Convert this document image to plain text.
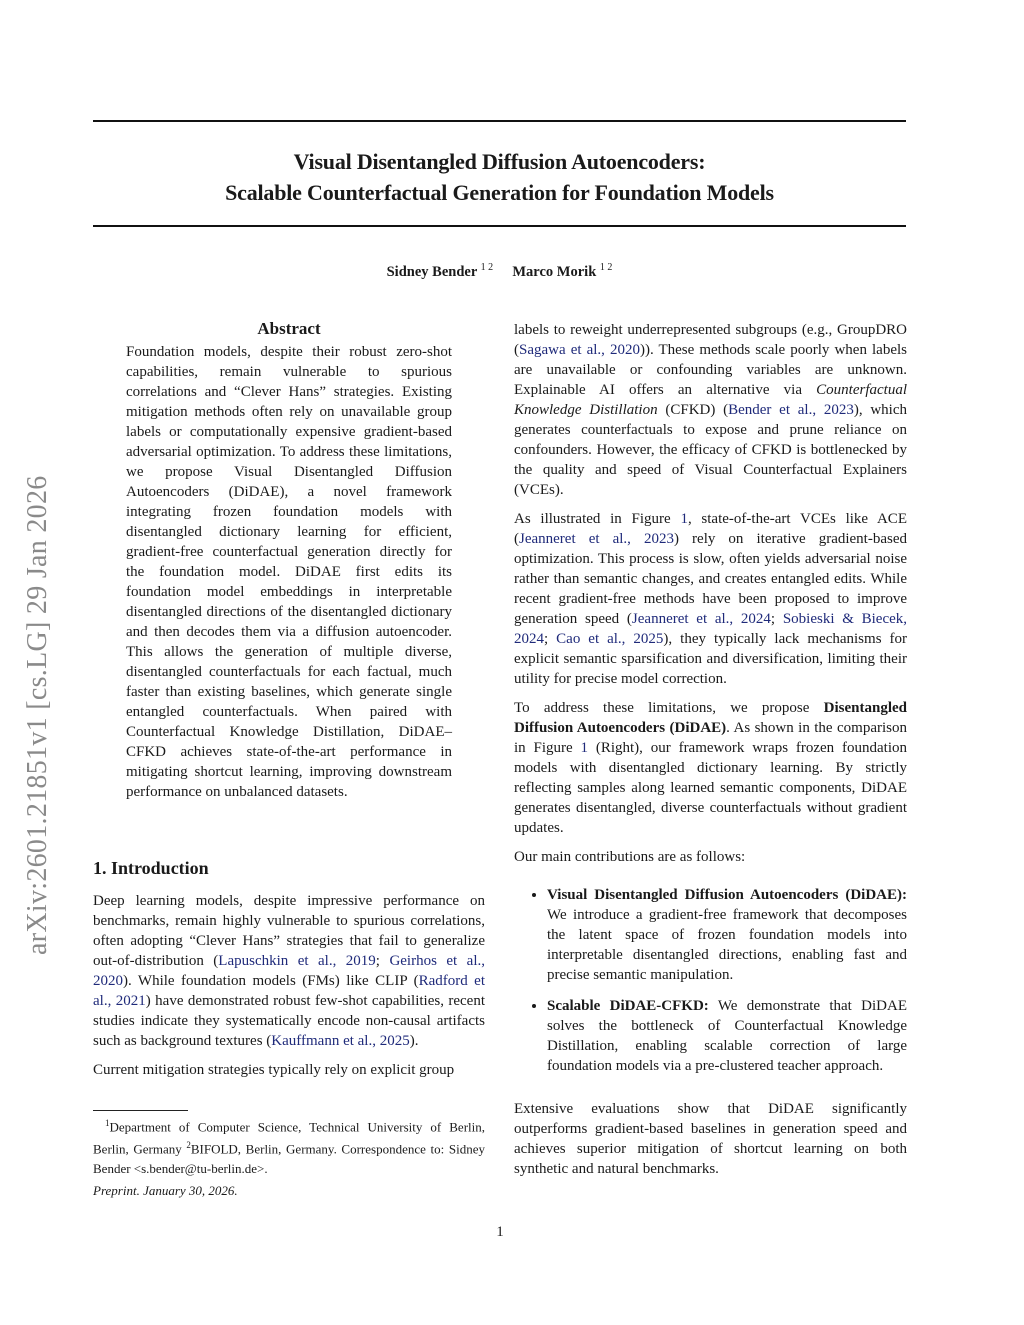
Visual Disentangled Diffusion Autoencoders:
Scalable Counterfactual Generation for Foundation Models
Sidney Bender $^{1 2}$ Marco Morik $^{1 2}$
arXiv:2601.21851v1 [cs.LG] 29 Jan 2026
Abstract

Foundation models, despite their robust zero-shot capabilities, remain vulnerable to spurious correlations and “Clever Hans” strategies. Existing mitigation methods often rely on unavailable group labels or computationally expensive gradient-based adversarial optimization. To address these limitations, we propose Visual Disentangled Diffusion Autoencoders (DiDAE), a novel framework integrating frozen foundation models with disentangled dictionary learning for efficient, gradient-free counterfactual generation directly for the foundation model. DiDAE first edits its foundation model embeddings in interpretable disentangled directions of the disentangled dictionary and then decodes them via a diffusion autoencoder. This allows the generation of multiple diverse, disentangled counterfactuals for each factual, much faster than existing baselines, which generate single entangled counterfactuals. When paired with Counterfactual Knowledge Distillation, DiDAE–CFKD achieves state-of-the-art performance in mitigating shortcut learning, improving downstream performance on unbalanced datasets.

1. Introduction

Deep learning models, despite impressive performance on benchmarks, remain highly vulnerable to spurious correlations, often adopting “Clever Hans” strategies that fail to generalize out-of-distribution (Lapuschkin et al., 2019; Geirhos et al., 2020). While foundation models (FMs) like CLIP (Radford et al., 2021) have demonstrated robust few-shot capabilities, recent studies indicate they systematically encode non-causal artifacts such as background textures (Kauffmann et al., 2025).

Current mitigation strategies typically rely on explicit group

$^1$Department of Computer Science, Technical University of Berlin, Berlin, Germany $^2$BIFOLD, Berlin, Germany. Correspondence to: Sidney Bender <s.bender@tu-berlin.de>.
Preprint. January 30, 2026.

labels to reweight underrepresented subgroups (e.g., GroupDRO (Sagawa et al., 2020)). These methods scale poorly when labels are unavailable or confounding variables are unknown. Explainable AI offers an alternative via Counterfactual Knowledge Distillation (CFKD) (Bender et al., 2023), which generates counterfactuals to expose and prune reliance on confounders. However, the efficacy of CFKD is bottlenecked by the quality and speed of Visual Counterfactual Explainers (VCEs).

As illustrated in Figure 1, state-of-the-art VCEs like ACE (Jeanneret et al., 2023) rely on iterative gradient-based optimization. This process is slow, often yields adversarial noise rather than semantic changes, and creates entangled edits. While recent gradient-free methods have been proposed to improve generation speed (Jeanneret et al., 2024; Sobieski & Biecek, 2024; Cao et al., 2025), they typically lack mechanisms for explicit semantic sparsification and diversification, limiting their utility for precise model correction.

To address these limitations, we propose Disentangled Diffusion Autoencoders (DiDAE). As shown in the comparison in Figure 1 (Right), our framework wraps frozen foundation models with disentangled dictionary learning. By strictly reflecting samples along learned semantic components, DiDAE generates disentangled, diverse counterfactuals without gradient updates.

Our main contributions are as follows:

• Visual Disentangled Diffusion Autoencoders (DiDAE): We introduce a gradient-free framework that decomposes the latent space of frozen foundation models into interpretable disentangled directions, enabling fast and precise semantic manipulation.
• Scalable DiDAE-CFKD: We demonstrate that DiDAE solves the bottleneck of Counterfactual Knowledge Distillation, enabling scalable correction of large foundation models via a pre-clustered teacher approach.

Extensive evaluations show that DiDAE significantly outperforms gradient-based baselines in generation speed and achieves superior mitigation of shortcut learning on both synthetic and natural benchmarks.

1
